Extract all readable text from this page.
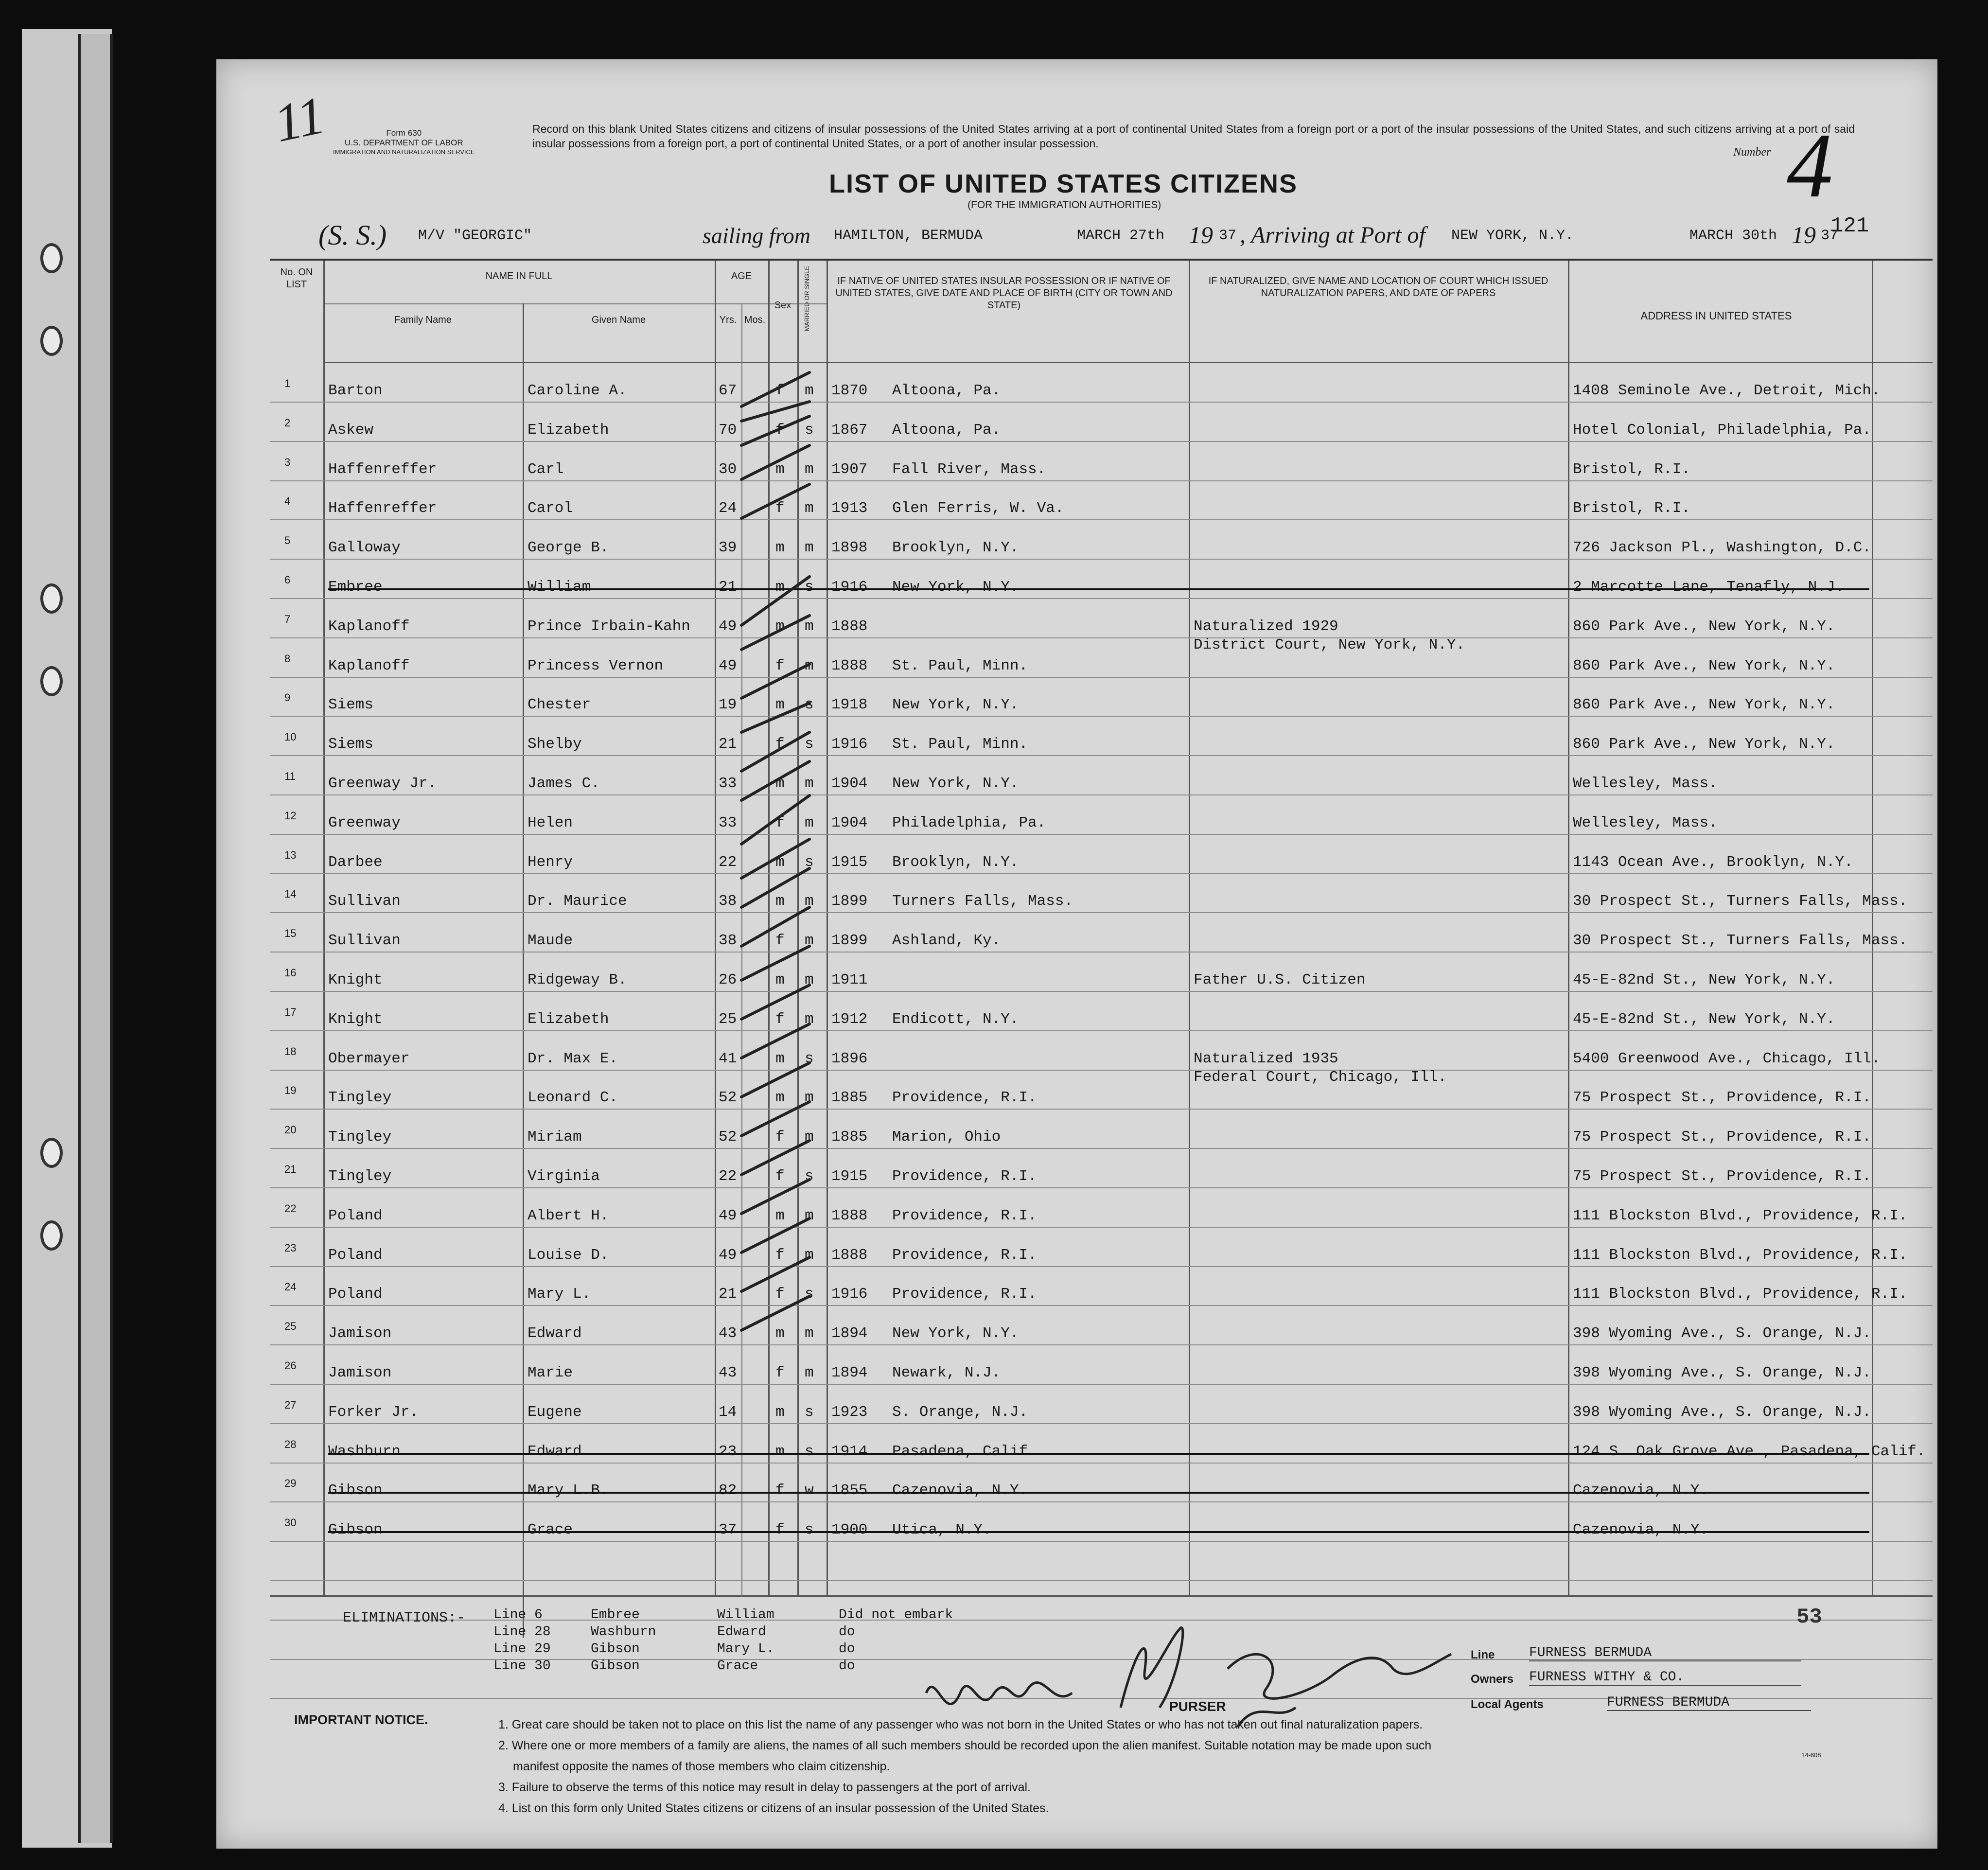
Form 630
U.S. DEPARTMENT OF LABOR
IMMIGRATION AND NATURALIZATION SERVICE
11	Record on this blank United States citizens and citizens of insular possessions of the United States arriving at a port of continental United States from a foreign port or a port of the insular possessions of the United States, and such citizens arriving at a port of said insular possessions from a foreign port, a port of continental United States, or a port of another insular possession.
LIST OF UNITED STATES CITIZENS
(FOR THE IMMIGRATION AUTHORITIES)
Number 4
121
(S. S.) M/V "GEORGIC"	sailing from HAMILTON, BERMUDA	MARCH 27th 19 37 , Arriving at Port of NEW YORK, N.Y.	MARCH 30th 19 37
No. ON LIST
NAME IN FULL
Family Name	Given Name
AGE
Yrs. Mos.
Sex	MARRIED OR SINGLE	IF NATIVE OF UNITED STATES INSULAR POSSESSION OR IF NATIVE OF UNITED STATES, GIVE DATE AND PLACE OF BIRTH (CITY OR TOWN AND STATE)
IF NATURALIZED, GIVE NAME AND LOCATION OF COURT WHICH ISSUED NATURALIZATION PAPERS, AND DATE OF PAPERS
ADDRESS IN UNITED STATES
1	Barton	Caroline A.	67	f m 1870 Altoona, Pa.	1408 Seminole Ave., Detroit, Mich.
2	Askew	Elizabeth	70	f s 1867 Altoona, Pa.	Hotel Colonial, Philadelphia, Pa.
3	Haffenreffer	Carl	30	m m 1907 Fall River, Mass.	Bristol, R.I.
4	Haffenreffer	Carol	24	f m 1913 Glen Ferris, W. Va.	Bristol, R.I.
5	Galloway	George B.	39	m m 1898 Brooklyn, N.Y.	726 Jackson Pl., Washington, D.C.
6	Embree	William	21	m s 1916 New York, N.Y.	2 Marcotte Lane, Tenafly, N.J.
7	Kaplanoff	Prince Irbain-Kahn 49	m m 1888	Naturalized 1929	860 Park Ave., New York, N.Y.
District Court, New York, N.Y.
8	Kaplanoff	Princess Vernon	49	f m 1888 St. Paul, Minn.	860 Park Ave., New York, N.Y.
9	Siems	Chester	19	m s 1918 New York, N.Y.	860 Park Ave., New York, N.Y.
10 Siems	Shelby	21	f s 1916 St. Paul, Minn.	860 Park Ave., New York, N.Y.
11 Greenway Jr.	James C.	33	m m 1904 New York, N.Y.	Wellesley, Mass.
12 Greenway	Helen	33	f m 1904 Philadelphia, Pa.	Wellesley, Mass.
13 Darbee	Henry	22	m s 1915 Brooklyn, N.Y.	1143 Ocean Ave., Brooklyn, N.Y.
14 Sullivan	Dr. Maurice	38	m m 1899 Turners Falls, Mass.	30 Prospect St., Turners Falls, Mass.
15 Sullivan	Maude	38	f m 1899 Ashland, Ky.	30 Prospect St., Turners Falls, Mass.
16 Knight	Ridgeway B.	26	m m 1911	Father U.S. Citizen	45-E-82nd St., New York, N.Y.
17 Knight	Elizabeth	25	f m 1912 Endicott, N.Y.	45-E-82nd St., New York, N.Y.
18 Obermayer	Dr. Max E.	41	m s 1896	Naturalized 1935	5400 Greenwood Ave., Chicago, Ill.
Federal Court, Chicago, Ill.
19 Tingley	Leonard C.	52	m m 1885 Providence, R.I.	75 Prospect St., Providence, R.I.
20 Tingley	Miriam	52	f m 1885 Marion, Ohio	75 Prospect St., Providence, R.I.
21 Tingley	Virginia	22	f s 1915 Providence, R.I.	75 Prospect St., Providence, R.I.
22 Poland	Albert H.	49	m m 1888 Providence, R.I.	111 Blockston Blvd., Providence, R.I.
23 Poland	Louise D.	49	f m 1888 Providence, R.I.	111 Blockston Blvd., Providence, R.I.
24 Poland	Mary L.	21	f s 1916 Providence, R.I.	111 Blockston Blvd., Providence, R.I.
25 Jamison	Edward	43	m m 1894 New York, N.Y.	398 Wyoming Ave., S. Orange, N.J.
26 Jamison	Marie	43	f m 1894 Newark, N.J.	398 Wyoming Ave., S. Orange, N.J.
27 Forker Jr.	Eugene	14	m s 1923 S. Orange, N.J.	398 Wyoming Ave., S. Orange, N.J.
28 Washburn	Edward	23	m s 1914 Pasadena, Calif.	124 S. Oak Grove Ave., Pasadena, Calif.
29 Gibson	Mary L.B.	82	f w 1855 Cazenovia, N.Y.	Cazenovia, N.Y.
30 Gibson	Grace	37	f s 1900 Utica, N.Y.	Cazenovia, N.Y.
ELIMINATIONS:- Line 6	Embree	William	Did not embark
Line 28	Washburn	Edward	do
Line 29	Gibson	Mary L.	do
Line 30	Gibson	Grace	do
53
PURSER
Line	FURNESS BERMUDA
Owners FURNESS WITHY & CO.
Local Agents	FURNESS BERMUDA
IMPORTANT NOTICE.	1. Great care should be taken not to place on this list the name of any passenger who was not born in the United States or who has not taken out final naturalization papers.
2. Where one or more members of a family are aliens, the names of all such members should be recorded upon the alien manifest. Suitable notation may be made upon such
manifest opposite the names of those members who claim citizenship.
3. Failure to observe the terms of this notice may result in delay to passengers at the port of arrival.
4. List on this form only United States citizens or citizens of an insular possession of the United States.
14-608
